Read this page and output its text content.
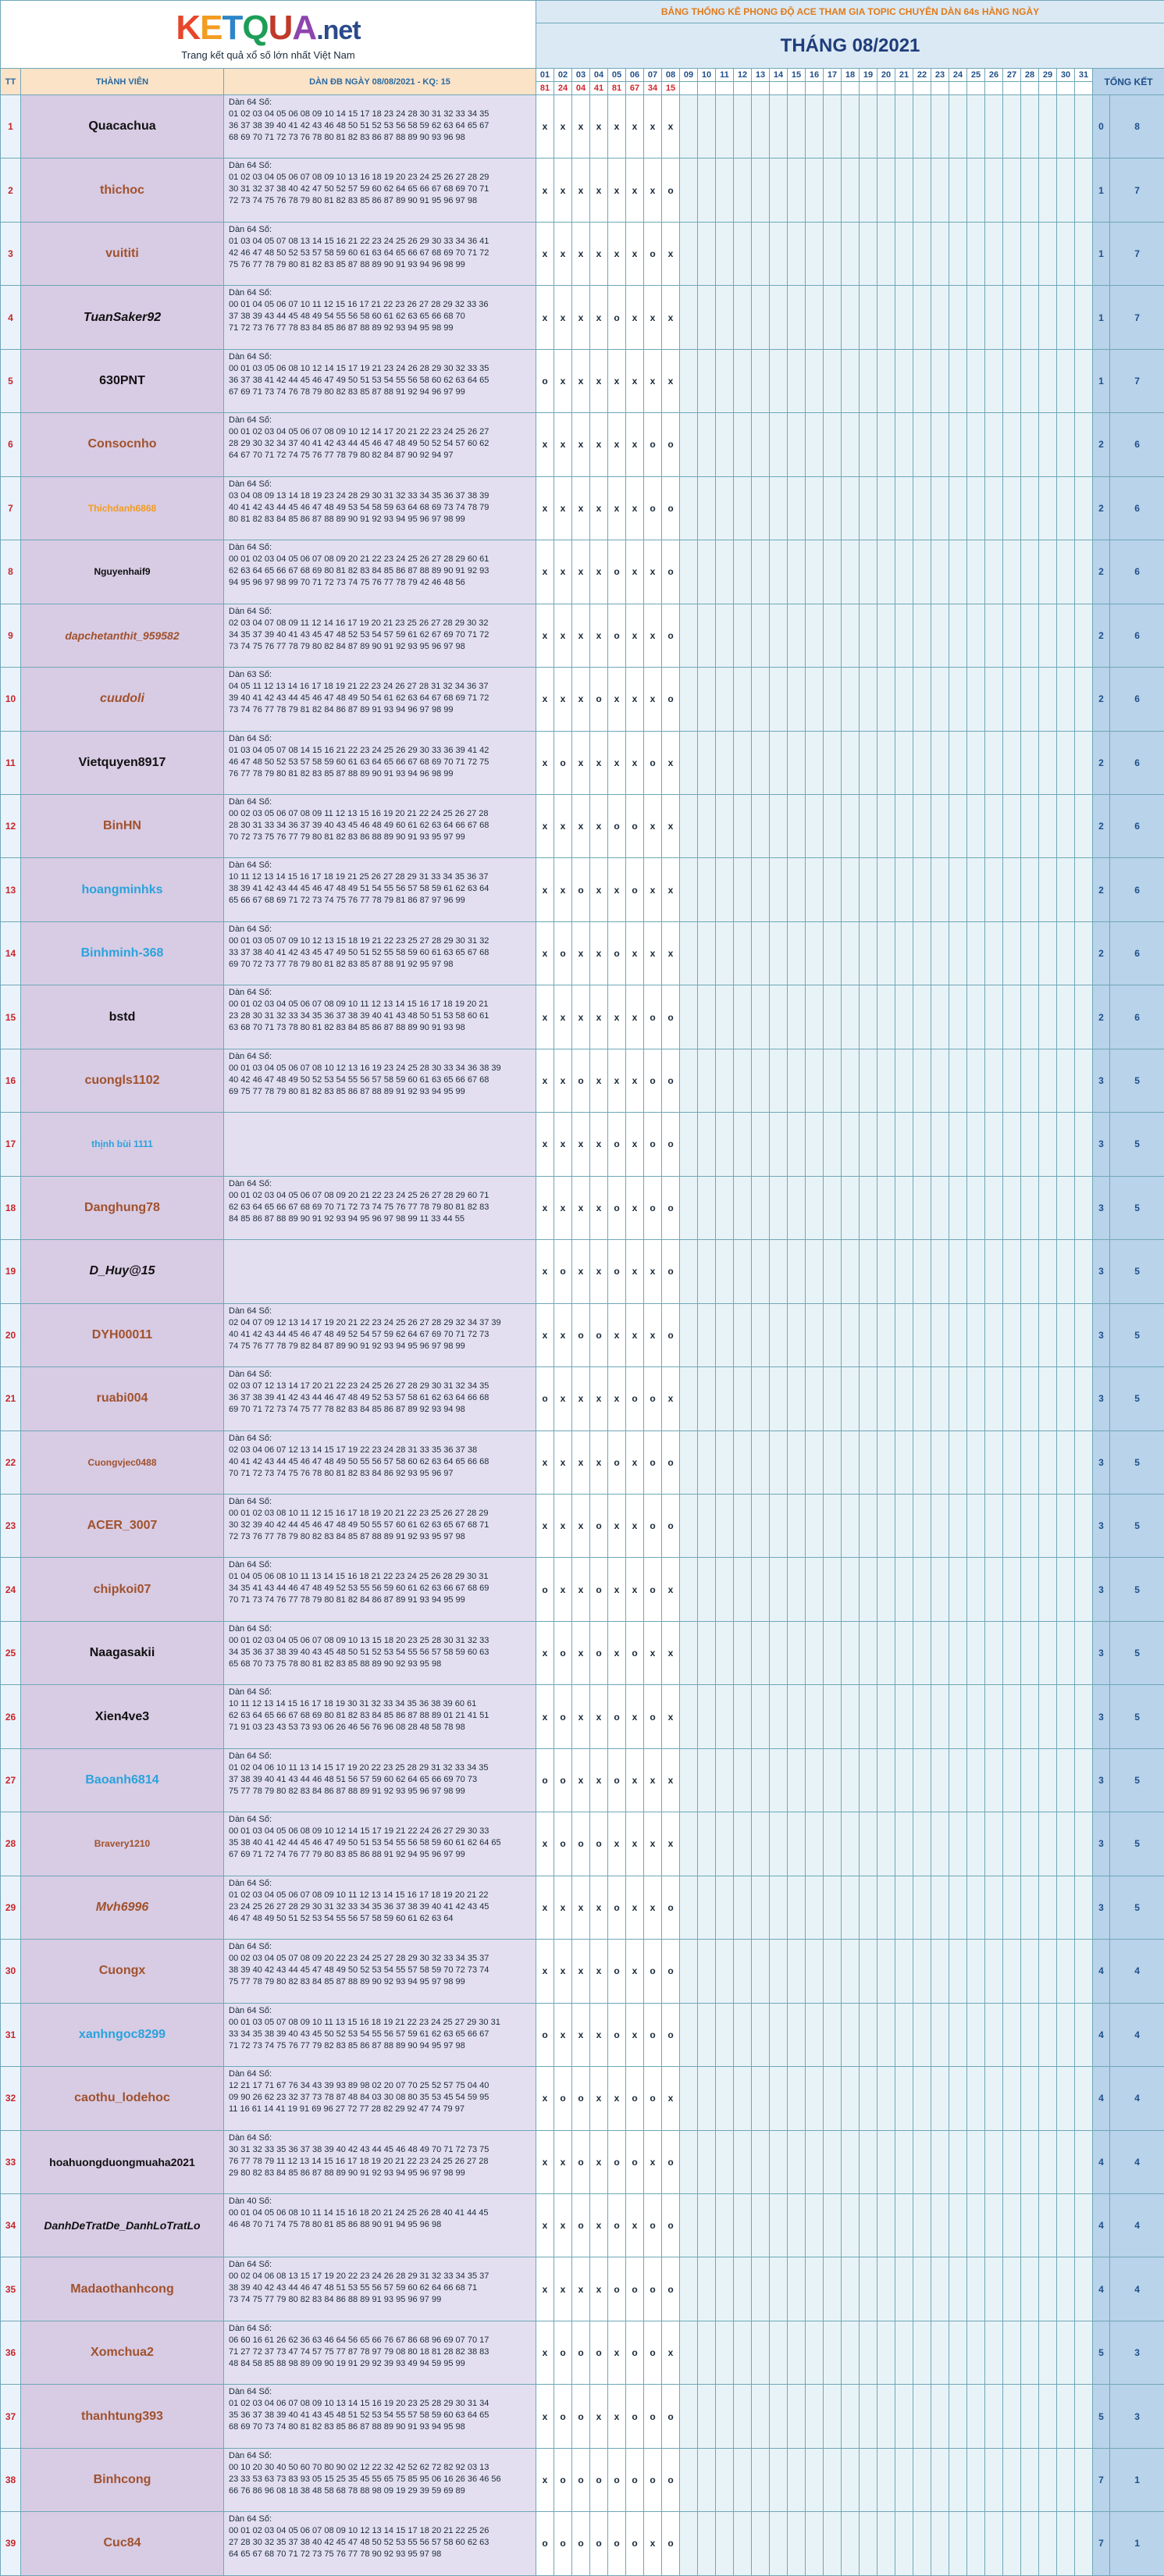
KETQUA.net
Trang kết quả xổ số lớn nhất Việt Nam			BẢNG THỐNG KÊ PHONG ĐỘ ACE THAM GIA TOPIC CHUYÊN DÀN 64s HÀNG NGÀY																																
			THÁNG 08/2021																																
TT	THÀNH VIÊN	DÀN ĐB NGÀY 08/08/2021 - KQ: 15	01	02	03	04	05	06	07	08	09	10	11	12	13	14	15	16	17	18	19	20	21	22	23	24	25	26	27	28	29	30	31	TỔNG KẾT	
			81	24	04	41	81	67	34	15																									
1	Quacachua	Dàn 64 Số:
01 02 03 04 05 06 08 09 10 14 15 17 18 23 24 28 30 31 32 33 34 35
36 37 38 39 40 41 42 43 46 48 50 51 52 53 56 58 59 62 63 64 65 67
68 69 70 71 72 73 76 78 80 81 82 83 86 87 88 89 90 93 96 98	x	x	x	x	x	x	x	x																								0	8
2	thichoc	Dàn 64 Số:
01 02 03 04 05 06 07 08 09 10 13 16 18 19 20 23 24 25 26 27 28 29
30 31 32 37 38 40 42 47 50 52 57 59 60 62 64 65 66 67 68 69 70 71
72 73 74 75 76 78 79 80 81 82 83 85 86 87 89 90 91 95 96 97 98	x	x	x	x	x	x	x	o																								1	7
3	vuititi	Dàn 64 Số:
01 03 04 05 07 08 13 14 15 16 21 22 23 24 25 26 29 30 33 34 36 41
42 46 47 48 50 52 53 57 58 59 60 61 63 64 65 66 67 68 69 70 71 72
75 76 77 78 79 80 81 82 83 85 87 88 89 90 91 93 94 96 98 99	x	x	x	x	x	x	o	x																								1	7
4	TuanSaker92	Dàn 64 Số:
00 01 04 05 06 07 10 11 12 15 16 17 21 22 23 26 27 28 29 32 33 36
37 38 39 43 44 45 48 49 54 55 56 58 60 61 62 63 65 66 68 70
71 72 73 76 77 78 83 84 85 86 87 88 89 92 93 94 95 98 99	x	x	x	x	o	x	x	x																								1	7
5	630PNT	Dàn 64 Số:
00 01 03 05 06 08 10 12 14 15 17 19 21 23 24 26 28 29 30 32 33 35
36 37 38 41 42 44 45 46 47 49 50 51 53 54 55 56 58 60 62 63 64 65
67 69 71 73 74 76 78 79 80 82 83 85 87 88 91 92 94 96 97 99	o	x	x	x	x	x	x	x																								1	7
6	Consocnho	Dàn 64 Số:
00 01 02 03 04 05 06 07 08 09 10 12 14 17 20 21 22 23 24 25 26 27
28 29 30 32 34 37 40 41 42 43 44 45 46 47 48 49 50 52 54 57 60 62
64 67 70 71 72 74 75 76 77 78 79 80 82 84 87 90 92 94 97	x	x	x	x	x	x	o	o																								2	6
7	Thichdanh6868	Dàn 64 Số:
03 04 08 09 13 14 18 19 23 24 28 29 30 31 32 33 34 35 36 37 38 39
40 41 42 43 44 45 46 47 48 49 53 54 58 59 63 64 68 69 73 74 78 79
80 81 82 83 84 85 86 87 88 89 90 91 92 93 94 95 96 97 98 99	x	x	x	x	x	x	o	o																								2	6
8	Nguyenhaif9	Dàn 64 Số:
00 01 02 03 04 05 06 07 08 09 20 21 22 23 24 25 26 27 28 29 60 61
62 63 64 65 66 67 68 69 80 81 82 83 84 85 86 87 88 89 90 91 92 93
94 95 96 97 98 99 70 71 72 73 74 75 76 77 78 79 42 46 48 56	x	x	x	x	o	x	x	o																								2	6
9	dapchetanthit_959582	Dàn 64 Số:
02 03 04 07 08 09 11 12 14 16 17 19 20 21 23 25 26 27 28 29 30 32
34 35 37 39 40 41 43 45 47 48 52 53 54 57 59 61 62 67 69 70 71 72
73 74 75 76 77 78 79 80 82 84 87 89 90 91 92 93 95 96 97 98	x	x	x	x	o	x	x	o																								2	6
10	cuudoli	Dàn 63 Số:
04 05 11 12 13 14 16 17 18 19 21 22 23 24 26 27 28 31 32 34 36 37
39 40 41 42 43 44 45 46 47 48 49 50 54 61 62 63 64 67 68 69 71 72
73 74 76 77 78 79 81 82 84 86 87 89 91 93 94 96 97 98 99	x	x	x	o	x	x	x	o																								2	6
11	Vietquyen8917	Dàn 64 Số:
01 03 04 05 07 08 14 15 16 21 22 23 24 25 26 29 30 33 36 39 41 42
46 47 48 50 52 53 57 58 59 60 61 63 64 65 66 67 68 69 70 71 72 75
76 77 78 79 80 81 82 83 85 87 88 89 90 91 93 94 96 98 99	x	o	x	x	x	x	o	x																								2	6
12	BinHN	Dàn 64 Số:
00 02 03 05 06 07 08 09 11 12 13 15 16 19 20 21 22 24 25 26 27 28
28 30 31 33 34 36 37 39 40 43 45 46 48 49 60 61 62 63 64 66 67 68
70 72 73 75 76 77 79 80 81 82 83 86 88 89 90 91 93 95 97 99	x	x	x	x	o	o	x	x																								2	6
13	hoangminhks	Dàn 64 Số:
10 11 12 13 14 15 16 17 18 19 21 25 26 27 28 29 31 33 34 35 36 37
38 39 41 42 43 44 45 46 47 48 49 51 54 55 56 57 58 59 61 62 63 64
65 66 67 68 69 71 72 73 74 75 76 77 78 79 81 86 87 97 96 99	x	x	o	x	x	o	x	x																								2	6
14	Binhminh-368	Dàn 64 Số:
00 01 03 05 07 09 10 12 13 15 18 19 21 22 23 25 27 28 29 30 31 32
33 37 38 40 41 42 43 45 47 49 50 51 52 55 58 59 60 61 63 65 67 68
69 70 72 73 77 78 79 80 81 82 83 85 87 88 91 92 95 97 98	x	o	x	x	o	x	x	x																								2	6
15	bstd	Dàn 64 Số:
00 01 02 03 04 05 06 07 08 09 10 11 12 13 14 15 16 17 18 19 20 21
23 28 30 31 32 33 34 35 36 37 38 39 40 41 43 48 50 51 53 58 60 61
63 68 70 71 73 78 80 81 82 83 84 85 86 87 88 89 90 91 93 98	x	x	x	x	x	x	o	o																								2	6
16	cuongls1102	Dàn 64 Số:
00 01 03 04 05 06 07 08 10 12 13 16 19 23 24 25 28 30 33 34 36 38 39
40 42 46 47 48 49 50 52 53 54 55 56 57 58 59 60 61 63 65 66 67 68
69 75 77 78 79 80 81 82 83 85 86 87 88 89 91 92 93 94 95 99	x	x	o	x	x	x	o	o																								3	5
17	thịnh bùi 1111		x	x	x	x	o	x	o	o																								3	5
18	Danghung78	Dàn 64 Số:
00 01 02 03 04 05 06 07 08 09 20 21 22 23 24 25 26 27 28 29 60 71
62 63 64 65 66 67 68 69 70 71 72 73 74 75 76 77 78 79 80 81 82 83
84 85 86 87 88 89 90 91 92 93 94 95 96 97 98 99 11 33 44 55	x	x	x	x	o	x	o	o																								3	5
19	D_Huy@15		x	o	x	x	o	x	x	o																								3	5
20	DYH00011	Dàn 64 Số:
02 04 07 09 12 13 14 17 19 20 21 22 23 24 25 26 27 28 29 32 34 37 39
40 41 42 43 44 45 46 47 48 49 52 54 57 59 62 64 67 69 70 71 72 73
74 75 76 77 78 79 82 84 87 89 90 91 92 93 94 95 96 97 98 99	x	x	o	o	x	x	x	o																								3	5
21	ruabi004	Dàn 64 Số:
02 03 07 12 13 14 17 20 21 22 23 24 25 26 27 28 29 30 31 32 34 35
36 37 38 39 41 42 43 44 46 47 48 49 52 53 57 58 61 62 63 64 66 68
69 70 71 72 73 74 75 77 78 82 83 84 85 86 87 89 92 93 94 98	o	x	x	x	x	o	o	x																								3	5
22	Cuongvjec0488	Dàn 64 Số:
02 03 04 06 07 12 13 14 15 17 19 22 23 24 28 31 33 35 36 37 38
40 41 42 43 44 45 46 47 48 49 50 55 56 57 58 60 62 63 64 65 66 68
70 71 72 73 74 75 76 78 80 81 82 83 84 86 92 93 95 96 97	x	x	x	x	o	x	o	o																								3	5
23	ACER_3007	Dàn 64 Số:
00 01 02 03 08 10 11 12 15 16 17 18 19 20 21 22 23 25 26 27 28 29
30 32 39 40 42 44 45 46 47 48 49 50 55 57 60 61 62 63 65 67 68 71
72 73 76 77 78 79 80 82 83 84 85 87 88 89 91 92 93 95 97 98	x	x	x	o	x	x	o	o																								3	5
24	chipkoi07	Dàn 64 Số:
01 04 05 06 08 10 11 13 14 15 16 18 21 22 23 24 25 26 28 29 30 31
34 35 41 43 44 46 47 48 49 52 53 55 56 59 60 61 62 63 66 67 68 69
70 71 73 74 76 77 78 79 80 81 82 84 86 87 89 91 93 94 95 99	o	x	x	o	x	x	o	x																								3	5
25	Naagasakii	Dàn 64 Số:
00 01 02 03 04 05 06 07 08 09 10 13 15 18 20 23 25 28 30 31 32 33
34 35 36 37 38 39 40 43 45 48 50 51 52 53 54 55 56 57 58 59 60 63
65 68 70 73 75 78 80 81 82 83 85 88 89 90 92 93 95 98	x	o	x	o	x	o	x	x																								3	5
26	Xien4ve3	Dàn 64 Số:
10 11 12 13 14 15 16 17 18 19 30 31 32 33 34 35 36 38 39 60 61
62 63 64 65 66 67 68 69 80 81 82 83 84 85 86 87 88 89 01 21 41 51
71 91 03 23 43 53 73 93 06 26 46 56 76 96 08 28 48 58 78 98	x	o	x	x	o	x	o	x																								3	5
27	Baoanh6814	Dàn 64 Số:
01 02 04 06 10 11 13 14 15 17 19 20 22 23 25 28 29 31 32 33 34 35
37 38 39 40 41 43 44 46 48 51 56 57 59 60 62 64 65 66 69 70 73
75 77 78 79 80 82 83 84 86 87 88 89 91 92 93 95 96 97 98 99	o	o	x	x	o	x	x	x																								3	5
28	Bravery1210	Dàn 64 Số:
00 01 03 04 05 06 08 09 10 12 14 15 17 19 21 22 24 26 27 29 30 33
35 38 40 41 42 44 45 46 47 49 50 51 53 54 55 56 58 59 60 61 62 64 65
67 69 71 72 74 76 77 79 80 83 85 86 88 91 92 94 95 96 97 99	x	o	o	o	x	x	x	x																								3	5
29	Mvh6996	Dàn 64 Số:
01 02 03 04 05 06 07 08 09 10 11 12 13 14 15 16 17 18 19 20 21 22
23 24 25 26 27 28 29 30 31 32 33 34 35 36 37 38 39 40 41 42 43 45
46 47 48 49 50 51 52 53 54 55 56 57 58 59 60 61 62 63 64	x	x	x	x	o	x	x	o																								3	5
30	Cuongx	Dàn 64 Số:
00 02 03 04 05 07 08 09 20 22 23 24 25 27 28 29 30 32 33 34 35 37
38 39 40 42 43 44 45 47 48 49 50 52 53 54 55 57 58 59 70 72 73 74
75 77 78 79 80 82 83 84 85 87 88 89 90 92 93 94 95 97 98 99	x	x	x	x	o	x	o	o																								4	4
31	xanhngoc8299	Dàn 64 Số:
00 01 03 05 07 08 09 10 11 13 15 16 18 19 21 22 23 24 25 27 29 30 31
33 34 35 38 39 40 43 45 50 52 53 54 55 56 57 59 61 62 63 65 66 67
71 72 73 74 75 76 77 79 82 83 85 86 87 88 89 90 94 95 97 98	o	x	x	x	o	x	o	o																								4	4
32	caothu_lodehoc	Dàn 64 Số:
12 21 17 71 67 76 34 43 39 93 89 98 02 20 07 70 25 52 57 75 04 40
09 90 26 62 23 32 37 73 78 87 48 84 03 30 08 80 35 53 45 54 59 95
11 16 61 14 41 19 91 69 96 27 72 77 28 82 29 92 47 74 79 97	x	o	o	x	x	o	o	x																								4	4
33	hoahuongduongmuaha2021	Dàn 64 Số:
30 31 32 33 35 36 37 38 39 40 42 43 44 45 46 48 49 70 71 72 73 75
76 77 78 79 11 12 13 14 15 16 17 18 19 20 21 22 23 24 25 26 27 28
29 80 82 83 84 85 86 87 88 89 90 91 92 93 94 95 96 97 98 99	x	x	o	x	o	o	x	o																								4	4
34	DanhDeTratDe_DanhLoTratLo	Dàn 40 Số:
00 01 04 05 06 08 10 11 14 15 16 18 20 21 24 25 26 28 40 41 44 45
46 48 70 71 74 75 78 80 81 85 86 88 90 91 94 95 96 98	x	x	o	x	o	x	o	o																								4	4
35	Madaothanhcong	Dàn 64 Số:
00 02 04 06 08 13 15 17 19 20 22 23 24 26 28 29 31 32 33 34 35 37
38 39 40 42 43 44 46 47 48 51 53 55 56 57 59 60 62 64 66 68 71
73 74 75 77 79 80 82 83 84 86 88 89 91 93 95 96 97 99	x	x	x	x	o	o	o	o																								4	4
36	Xomchua2	Dàn 64 Số:
06 60 16 61 26 62 36 63 46 64 56 65 66 76 67 86 68 96 69 07 70 17
71 27 72 37 73 47 74 57 75 77 87 78 97 79 08 80 18 81 28 82 38 83
48 84 58 85 88 98 89 09 90 19 91 29 92 39 93 49 94 59 95 99	x	o	o	o	x	o	o	x																								5	3
37	thanhtung393	Dàn 64 Số:
01 02 03 04 06 07 08 09 10 13 14 15 16 19 20 23 25 28 29 30 31 34
35 36 37 38 39 40 41 43 45 48 51 52 53 54 55 57 58 59 60 63 64 65
68 69 70 73 74 80 81 82 83 85 86 87 88 89 90 91 93 94 95 98	x	o	o	x	x	o	o	o																								5	3
38	Binhcong	Dàn 64 Số:
00 10 20 30 40 50 60 70 80 90 02 12 22 32 42 52 62 72 82 92 03 13
23 33 53 63 73 83 93 05 15 25 35 45 55 65 75 85 95 06 16 26 36 46 56
66 76 86 96 08 18 38 48 58 68 78 88 98 09 19 29 39 59 69 89	x	o	o	o	o	o	o	o																								7	1
39	Cuc84	Dàn 64 Số:
00 01 02 03 04 05 06 07 08 09 10 12 13 14 15 17 18 20 21 22 25 26
27 28 30 32 35 37 38 40 42 45 47 48 50 52 53 55 56 57 58 60 62 63
64 65 67 68 70 71 72 73 75 76 77 78 90 92 93 95 97 98	o	o	o	o	o	o	x	o																								7	1
